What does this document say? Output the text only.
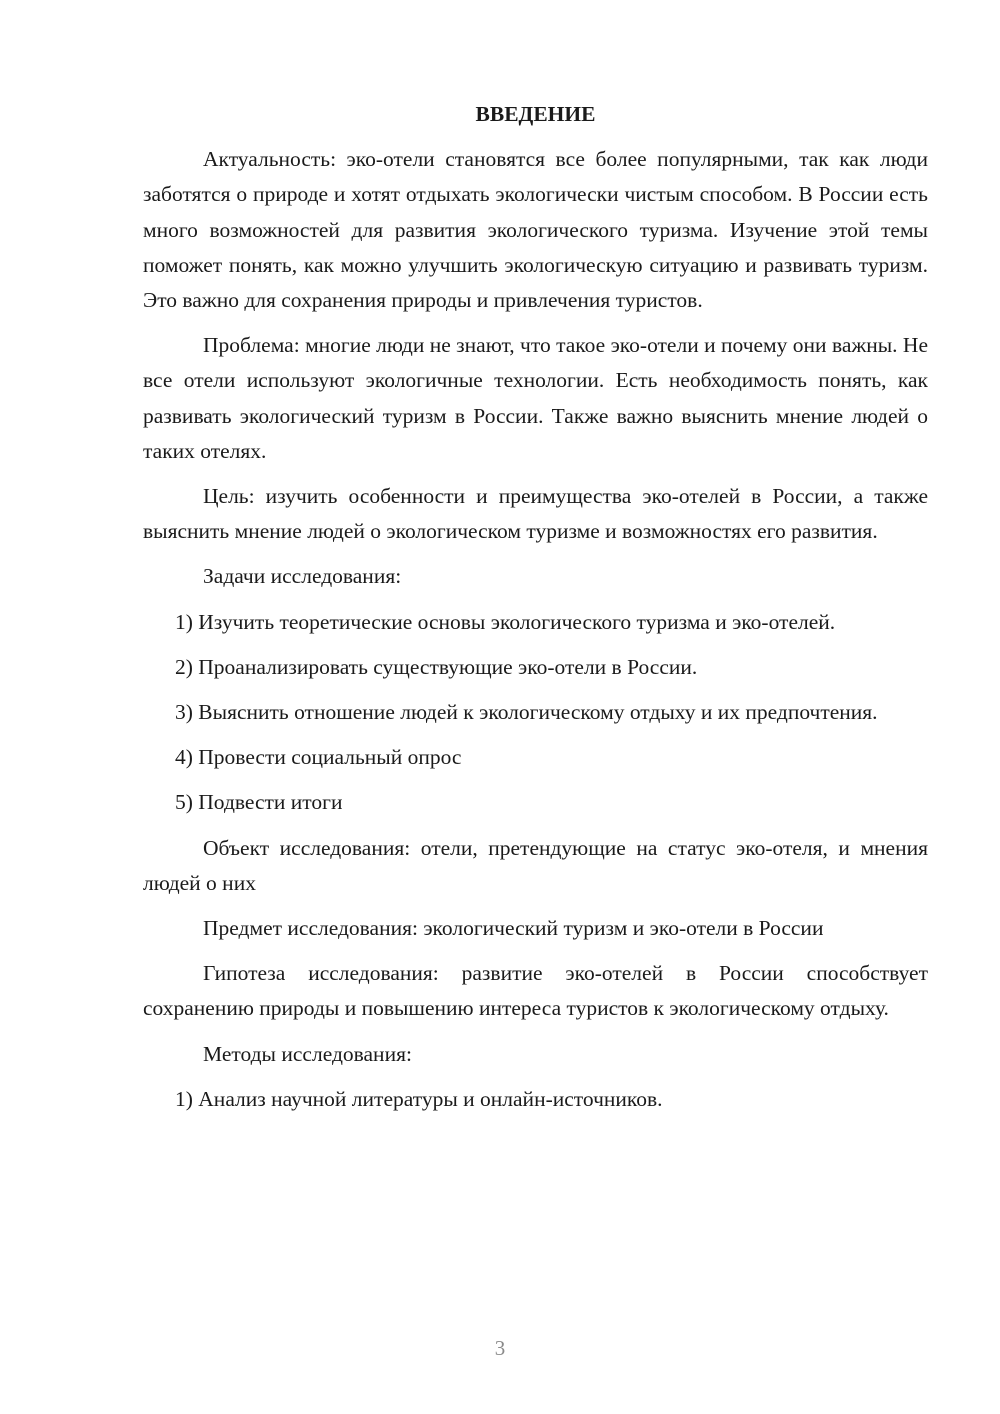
ВВЕДЕНИЕ

Актуальность: эко-отели становятся все более популярными, так как люди заботятся о природе и хотят отдыхать экологически чистым способом. В России есть много возможностей для развития экологического туризма. Изучение этой темы поможет понять, как можно улучшить экологическую ситуацию и развивать туризм. Это важно для сохранения природы и привлечения туристов.

Проблема: многие люди не знают, что такое эко-отели и почему они важны. Не все отели используют экологичные технологии. Есть необходимость понять, как развивать экологический туризм в России. Также важно выяснить мнение людей о таких отелях.

Цель: изучить особенности и преимущества эко-отелей в России, а также выяснить мнение людей о экологическом туризме и возможностях его развития.

Задачи исследования:

1) Изучить теоретические основы экологического туризма и эко-отелей.

2) Проанализировать существующие эко-отели в России.

3) Выяснить отношение людей к экологическому отдыху и их предпочтения.

4) Провести социальный опрос

5) Подвести итоги

Объект исследования: отели, претендующие на статус эко-отеля, и мнения людей о них

Предмет исследования: экологический туризм и эко-отели в России

Гипотеза исследования: развитие эко-отелей в России способствует сохранению природы и повышению интереса туристов к экологическому отдыху.

Методы исследования:

1) Анализ научной литературы и онлайн-источников.

3
